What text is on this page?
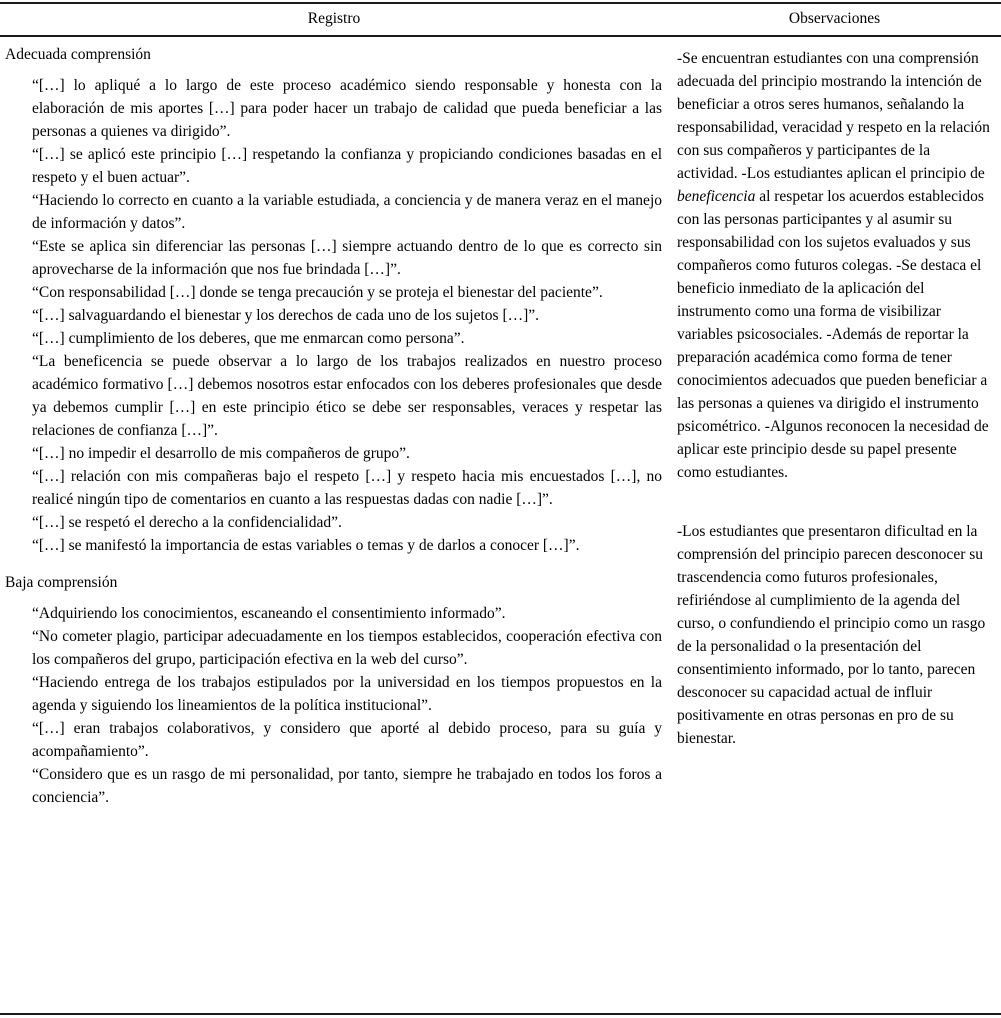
Registro	Observaciones
Adecuada comprensión

“[…] lo apliqué a lo largo de este proceso académico siendo responsable y honesta con la elaboración de mis aportes […] para poder hacer un trabajo de calidad que pueda beneficiar a las personas a quienes va dirigido”.

“[…] se aplicó este principio […] respetando la confianza y propiciando condiciones basadas en el respeto y el buen actuar”.

“Haciendo lo correcto en cuanto a la variable estudiada, a conciencia y de manera veraz en el manejo de información y datos”.

“Este se aplica sin diferenciar las personas […] siempre actuando dentro de lo que es correcto sin aprovecharse de la información que nos fue brindada […]”.

“Con responsabilidad […] donde se tenga precaución y se proteja el bienestar del paciente”.

“[…] salvaguardando el bienestar y los derechos de cada uno de los sujetos […]”.

“[…] cumplimiento de los deberes, que me enmarcan como persona”.

“La beneficencia se puede observar a lo largo de los trabajos realizados en nuestro proceso académico formativo […] debemos nosotros estar enfocados con los deberes profesionales que desde ya debemos cumplir […] en este principio ético se debe ser responsables, veraces y respetar las relaciones de confianza […]”.

“[…] no impedir el desarrollo de mis compañeros de grupo”.

“[…] relación con mis compañeras bajo el respeto […] y respeto hacia mis encuestados […], no realicé ningún tipo de comentarios en cuanto a las respuestas dadas con nadie […]”.

“[…] se respetó el derecho a la confidencialidad”.

“[…] se manifestó la importancia de estas variables o temas y de darlos a conocer […]”.

Baja comprensión

“Adquiriendo los conocimientos, escaneando el consentimiento informado”.

“No cometer plagio, participar adecuadamente en los tiempos establecidos, cooperación efectiva con los compañeros del grupo, participación efectiva en la web del curso”.

“Haciendo entrega de los trabajos estipulados por la universidad en los tiempos propuestos en la agenda y siguiendo los lineamientos de la política institucional”.

“[…] eran trabajos colaborativos, y considero que aporté al debido proceso, para su guía y acompañamiento”.

“Considero que es un rasgo de mi personalidad, por tanto, siempre he trabajado en todos los foros a conciencia”.

-Se encuentran estudiantes con una comprensión adecuada del principio mostrando la intención de beneficiar a otros seres humanos, señalando la responsabilidad, veracidad y respeto en la relación con sus compañeros y participantes de la actividad. -Los estudiantes aplican el principio de beneficencia al respetar los acuerdos establecidos con las personas participantes y al asumir su responsabilidad con los sujetos evaluados y sus compañeros como futuros colegas. -Se destaca el beneficio inmediato de la aplicación del instrumento como una forma de visibilizar variables psicosociales. -Además de reportar la preparación académica como forma de tener conocimientos adecuados que pueden beneficiar a las personas a quienes va dirigido el instrumento psicométrico. -Algunos reconocen la necesidad de aplicar este principio desde su papel presente como estudiantes.

-Los estudiantes que presentaron dificultad en la comprensión del principio parecen desconocer su trascendencia como futuros profesionales, refiriéndose al cumplimiento de la agenda del curso, o confundiendo el principio como un rasgo de la personalidad o la presentación del consentimiento informado, por lo tanto, parecen desconocer su capacidad actual de influir positivamente en otras personas en pro de su bienestar.
